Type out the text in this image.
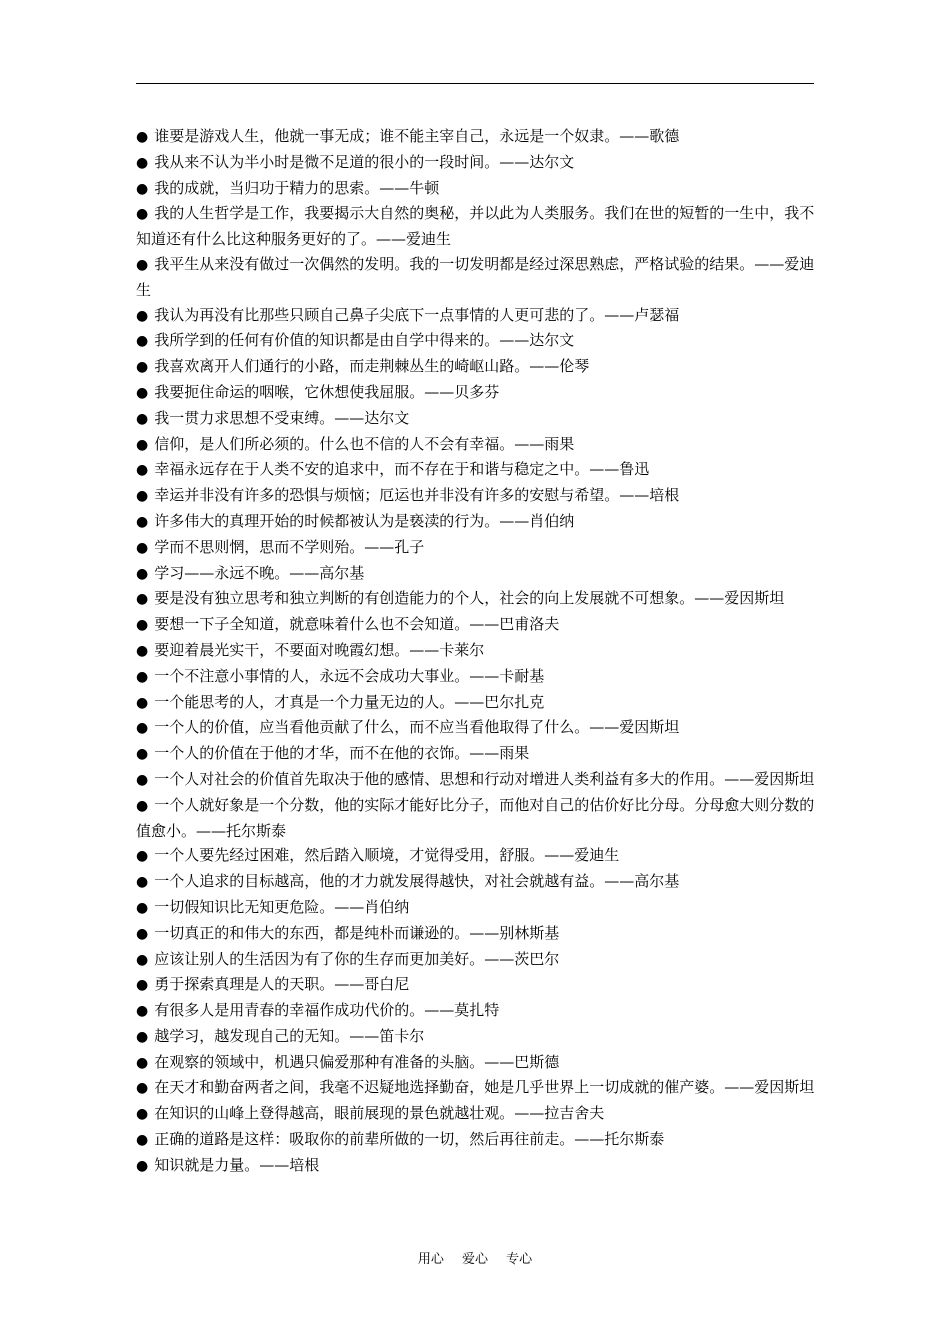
● 谁要是游戏人生，他就一事无成；谁不能主宰自己，永远是一个奴隶。——歌德
● 我从来不认为半小时是微不足道的很小的一段时间。——达尔文
● 我的成就，当归功于精力的思索。——牛顿
● 我的人生哲学是工作，我要揭示大自然的奥秘，并以此为人类服务。我们在世的短暂的一生中，我不知道还有什么比这种服务更好的了。——爱迪生
● 我平生从来没有做过一次偶然的发明。我的一切发明都是经过深思熟虑，严格试验的结果。——爱迪生
● 我认为再没有比那些只顾自己鼻子尖底下一点事情的人更可悲的了。——卢瑟福
● 我所学到的任何有价值的知识都是由自学中得来的。——达尔文
● 我喜欢离开人们通行的小路，而走荆棘丛生的崎岖山路。——伦琴
● 我要扼住命运的咽喉，它休想使我屈服。——贝多芬
● 我一贯力求思想不受束缚。——达尔文
● 信仰，是人们所必须的。什么也不信的人不会有幸福。——雨果
● 幸福永远存在于人类不安的追求中，而不存在于和谐与稳定之中。——鲁迅
● 幸运并非没有许多的恐惧与烦恼；厄运也并非没有许多的安慰与希望。——培根
● 许多伟大的真理开始的时候都被认为是亵渎的行为。——肖伯纳
● 学而不思则惘，思而不学则殆。——孔子
● 学习——永远不晚。——高尔基
● 要是没有独立思考和独立判断的有创造能力的个人，社会的向上发展就不可想象。——爱因斯坦
● 要想一下子全知道，就意味着什么也不会知道。——巴甫洛夫
● 要迎着晨光实干，不要面对晚霞幻想。——卡莱尔
● 一个不注意小事情的人，永远不会成功大事业。——卡耐基
● 一个能思考的人，才真是一个力量无边的人。——巴尔扎克
● 一个人的价值，应当看他贡献了什么，而不应当看他取得了什么。——爱因斯坦
● 一个人的价值在于他的才华，而不在他的衣饰。——雨果
● 一个人对社会的价值首先取决于他的感情、思想和行动对增进人类利益有多大的作用。——爱因斯坦
● 一个人就好象是一个分数，他的实际才能好比分子，而他对自己的估价好比分母。分母愈大则分数的值愈小。——托尔斯泰
● 一个人要先经过困难，然后踏入顺境，才觉得受用，舒服。——爱迪生
● 一个人追求的目标越高，他的才力就发展得越快，对社会就越有益。——高尔基
● 一切假知识比无知更危险。——肖伯纳
● 一切真正的和伟大的东西，都是纯朴而谦逊的。——别林斯基
● 应该让别人的生活因为有了你的生存而更加美好。——茨巴尔
● 勇于探索真理是人的天职。——哥白尼
● 有很多人是用青春的幸福作成功代价的。——莫扎特
● 越学习，越发现自己的无知。——笛卡尔
● 在观察的领域中，机遇只偏爱那种有准备的头脑。——巴斯德
● 在天才和勤奋两者之间，我毫不迟疑地选择勤奋，她是几乎世界上一切成就的催产婆。——爱因斯坦
● 在知识的山峰上登得越高，眼前展现的景色就越壮观。——拉吉舍夫
● 正确的道路是这样：吸取你的前辈所做的一切，然后再往前走。——托尔斯泰
● 知识就是力量。——培根
用心 爱心 专心
